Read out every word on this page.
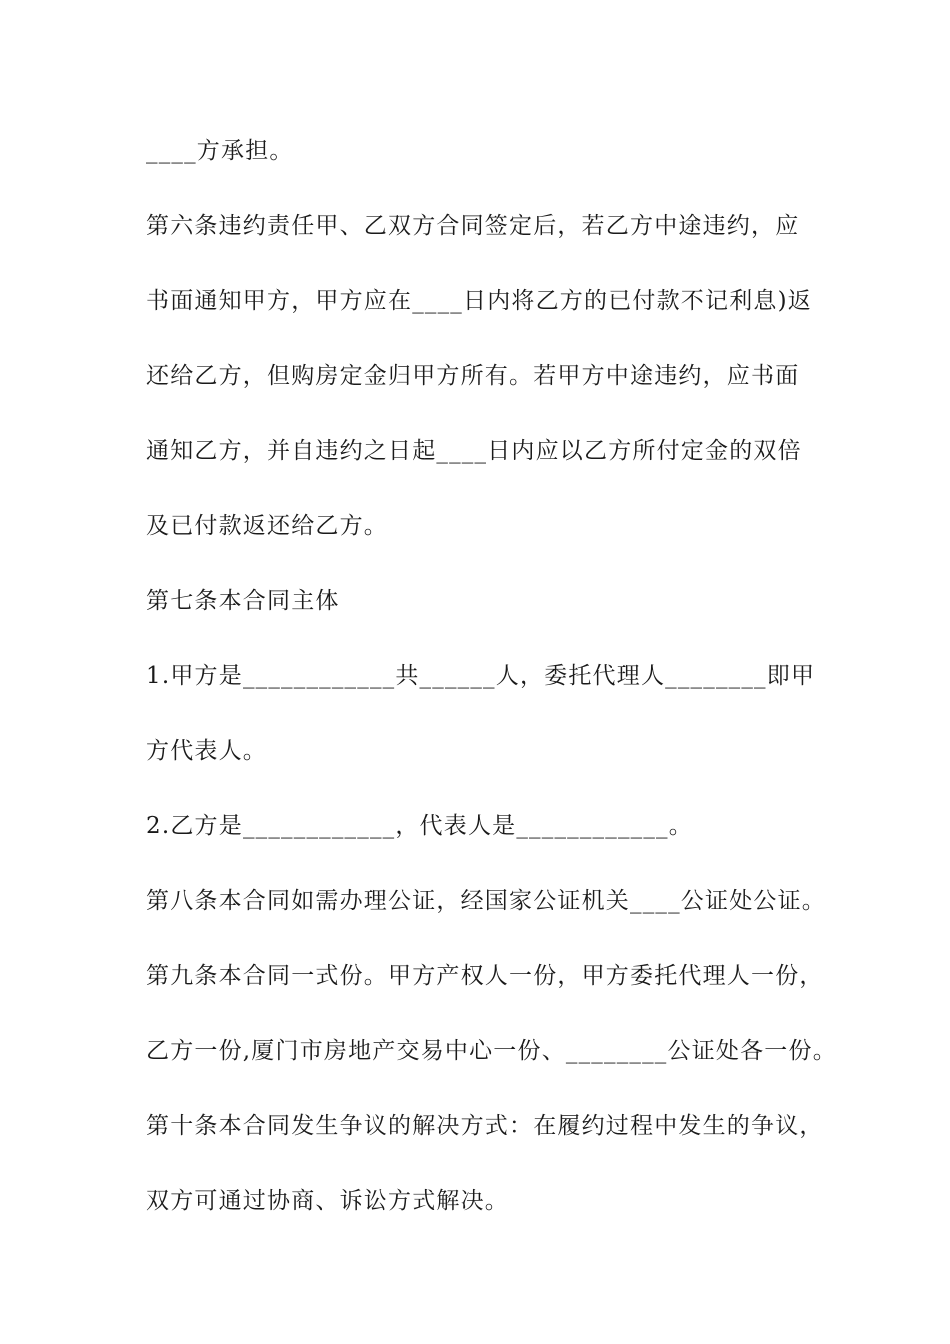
____方承担。
第六条违约责任甲、乙双方合同签定后，若乙方中途违约，应
书面通知甲方，甲方应在____日内将乙方的已付款不记利息)返
还给乙方，但购房定金归甲方所有。若甲方中途违约，应书面
通知乙方，并自违约之日起____日内应以乙方所付定金的双倍
及已付款返还给乙方。
第七条本合同主体
1.甲方是____________共______人，委托代理人________即甲
方代表人。
2.乙方是____________，代表人是____________。
第八条本合同如需办理公证，经国家公证机关____公证处公证。
第九条本合同一式份。甲方产权人一份，甲方委托代理人一份，
乙方一份,厦门市房地产交易中心一份、________公证处各一份。
第十条本合同发生争议的解决方式：在履约过程中发生的争议，
双方可通过协商、诉讼方式解决。
